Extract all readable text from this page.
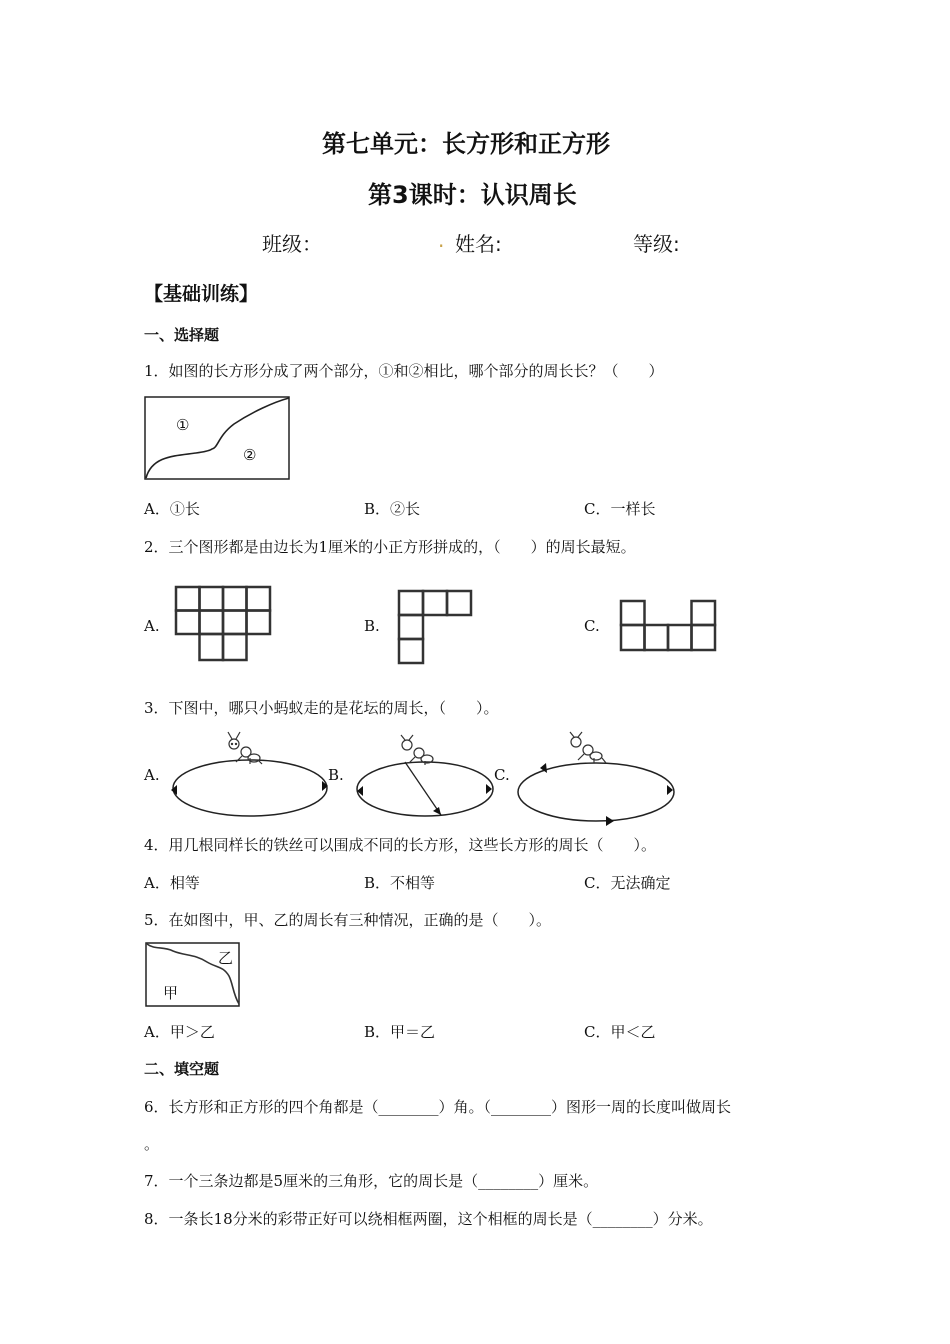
第七单元：长方形和正方形
第3课时：认识周长
班级：	. 姓名:	等级:
【基础训练】
一、选择题
1．如图的长方形分成了两个部分，①和②相比，哪个部分的周长长？（　　）
①
②
A．①长	B．②长	C．一样长
2．三个图形都是由边长为1厘米的小正方形拼成的，（　　）的周长最短。
A.	B.	C.
3．下图中，哪只小蚂蚁走的是花坛的周长，（　　）。
A.	B.	C.
4．用几根同样长的铁丝可以围成不同的长方形，这些长方形的周长（　　）。
A．相等	B．不相等	C．无法确定
5．在如图中，甲、乙的周长有三种情况，正确的是（　　）。
乙
甲
A．甲＞乙	B．甲＝乙	C．甲＜乙
二、填空题
6．长方形和正方形的四个角都是（________）角。（________）图形一周的长度叫做周长
。
7．一个三条边都是5厘米的三角形，它的周长是（________）厘米。
8．一条长18分米的彩带正好可以绕相框两圈，这个相框的周长是（________）分米。
